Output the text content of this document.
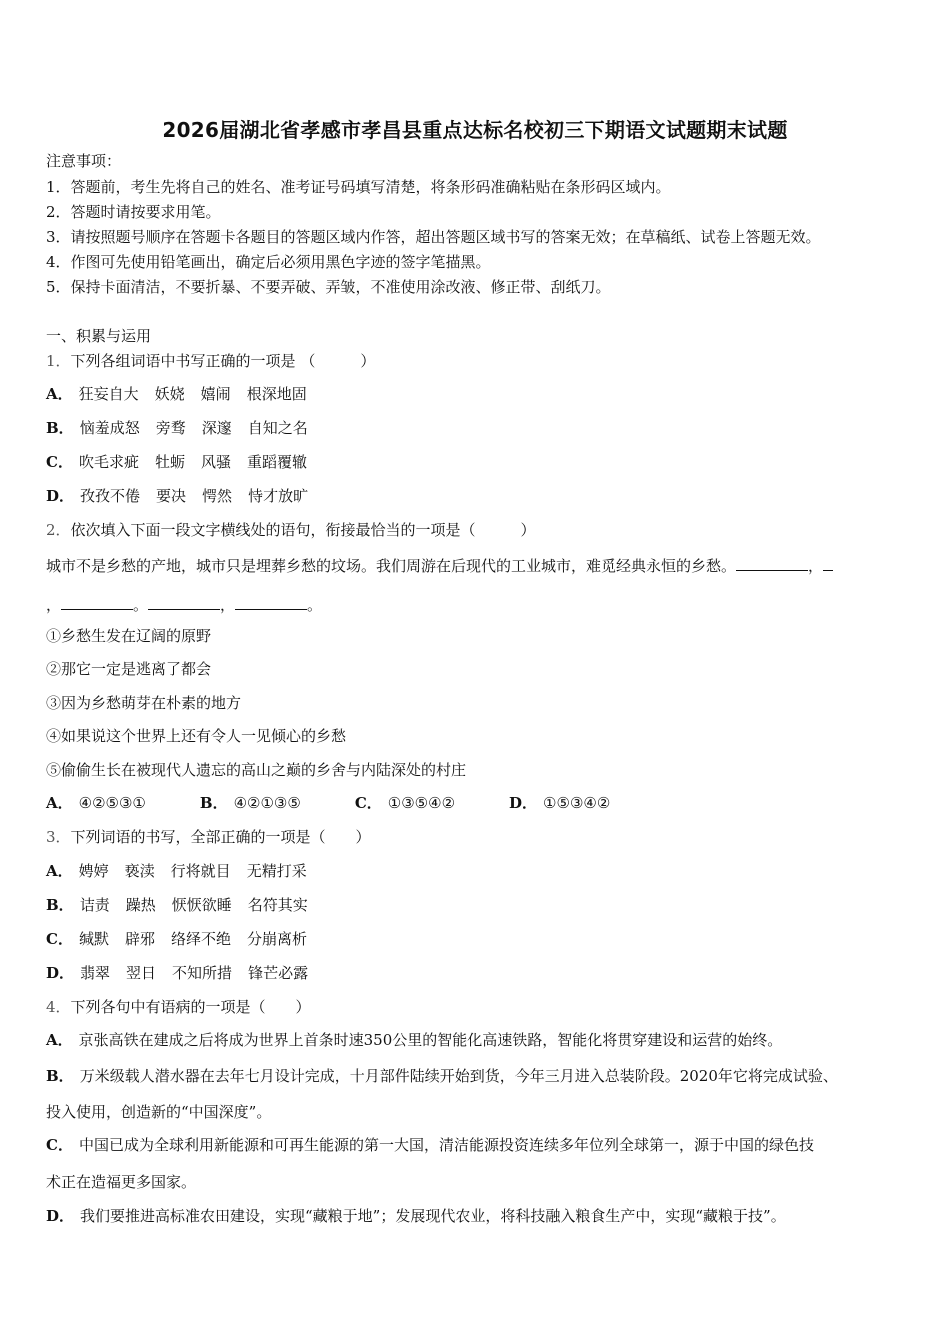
2026届湖北省孝感市孝昌县重点达标名校初三下期语文试题期末试题
注意事项：
1．答题前，考生先将自己的姓名、准考证号码填写清楚，将条形码准确粘贴在条形码区域内。
2．答题时请按要求用笔。
3．请按照题号顺序在答题卡各题目的答题区域内作答，超出答题区域书写的答案无效；在草稿纸、试卷上答题无效。
4．作图可先使用铅笔画出，确定后必须用黑色字迹的签字笔描黑。
5．保持卡面清洁，不要折暴、不要弄破、弄皱，不准使用涂改液、修正带、刮纸刀。
一、积累与运用
1．下列各组词语中书写正确的一项是 （　　　）
A． 狂妄自大 妖娆 嬉闹 根深地固
B． 恼羞成怒 旁骛 深邃 自知之名
C． 吹毛求疵 牡蛎 风骚 重蹈覆辙
D． 孜孜不倦 要决 愕然 恃才放旷
2．依次填入下面一段文字横线处的语句，衔接最恰当的一项是（　　　）
城市不是乡愁的产地，城市只是埋葬乡愁的坟场。我们周游在后现代的工业城市，难觅经典永恒的乡愁。	，
，	。	，	。
①乡愁生发在辽阔的原野
②那它一定是逃离了都会
③因为乡愁萌芽在朴素的地方
④如果说这个世界上还有令人一见倾心的乡愁
⑤偷偷生长在被现代人遗忘的高山之巅的乡舍与内陆深处的村庄
A． ④②⑤③①	B． ④②①③⑤	C． ①③⑤④②	D． ①⑤③④②
3．下列词语的书写，全部正确的一项是（　　）
A． 娉婷 亵渎 行将就目 无精打采
B． 诘责 躁热 恹恹欲睡 名符其实
C． 缄默 辟邪 络绎不绝 分崩离析
D． 翡翠 翌日 不知所措 锋芒必露
4．下列各句中有语病的一项是（　　）
A． 京张高铁在建成之后将成为世界上首条时速350公里的智能化高速铁路，智能化将贯穿建设和运营的始终。
B． 万米级载人潜水器在去年七月设计完成，十月部件陆续开始到货，今年三月进入总装阶段。2020年它将完成试验、
投入使用，创造新的“中国深度”。
C． 中国已成为全球利用新能源和可再生能源的第一大国，清洁能源投资连续多年位列全球第一，源于中国的绿色技
术正在造福更多国家。
D． 我们要推进高标准农田建设，实现“藏粮于地”；发展现代农业，将科技融入粮食生产中，实现“藏粮于技”。
